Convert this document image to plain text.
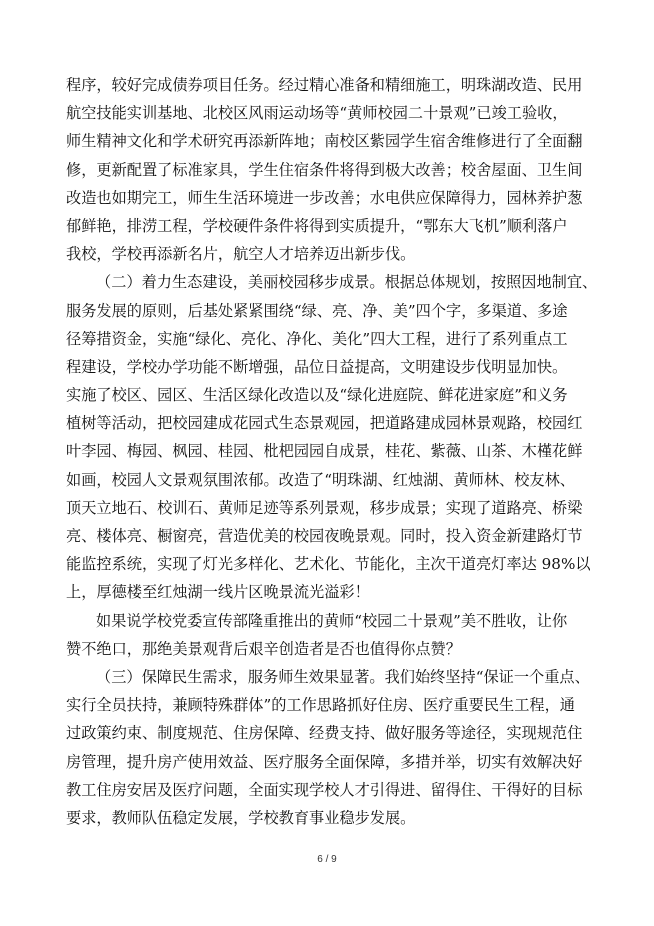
程序，较好完成债券项目任务。经过精心准备和精细施工，明珠湖改造、民用
航空技能实训基地、北校区风雨运动场等“黄师校园二十景观”已竣工验收，
师生精神文化和学术研究再添新阵地；南校区紫园学生宿舍维修进行了全面翻
修，更新配置了标准家具，学生住宿条件将得到极大改善；校舍屋面、卫生间
改造也如期完工，师生生活环境进一步改善；水电供应保障得力，园林养护葱
郁鲜艳，排涝工程，学校硬件条件将得到实质提升，“鄂东大飞机”顺利落户
我校，学校再添新名片，航空人才培养迈出新步伐。
（二）着力生态建设，美丽校园移步成景。根据总体规划，按照因地制宜、
服务发展的原则，后基处紧紧围绕“绿、亮、净、美”四个字，多渠道、多途
径筹措资金，实施“绿化、亮化、净化、美化”四大工程，进行了系列重点工
程建设，学校办学功能不断增强，品位日益提高，文明建设步伐明显加快。
实施了校区、园区、生活区绿化改造以及“绿化进庭院、鲜花进家庭”和义务
植树等活动，把校园建成花园式生态景观园，把道路建成园林景观路，校园红
叶李园、梅园、枫园、桂园、枇杷园园自成景，桂花、紫薇、山茶、木槿花鲜
如画，校园人文景观氛围浓郁。改造了“明珠湖、红烛湖、黄师林、校友林、
顶天立地石、校训石、黄师足迹等系列景观，移步成景；实现了道路亮、桥梁
亮、楼体亮、橱窗亮，营造优美的校园夜晚景观。同时，投入资金新建路灯节
能监控系统，实现了灯光多样化、艺术化、节能化，主次干道亮灯率达 98%以
上，厚德楼至红烛湖一线片区晚景流光溢彩！
如果说学校党委宣传部隆重推出的黄师“校园二十景观”美不胜收，让你
赞不绝口，那绝美景观背后艰辛创造者是否也值得你点赞？
（三）保障民生需求，服务师生效果显著。我们始终坚持“保证一个重点、
实行全员扶持，兼顾特殊群体”的工作思路抓好住房、医疗重要民生工程，通
过政策约束、制度规范、住房保障、经费支持、做好服务等途径，实现规范住
房管理，提升房产使用效益、医疗服务全面保障，多措并举，切实有效解决好
教工住房安居及医疗问题，全面实现学校人才引得进、留得住、干得好的目标
要求，教师队伍稳定发展，学校教育事业稳步发展。
6 / 9
